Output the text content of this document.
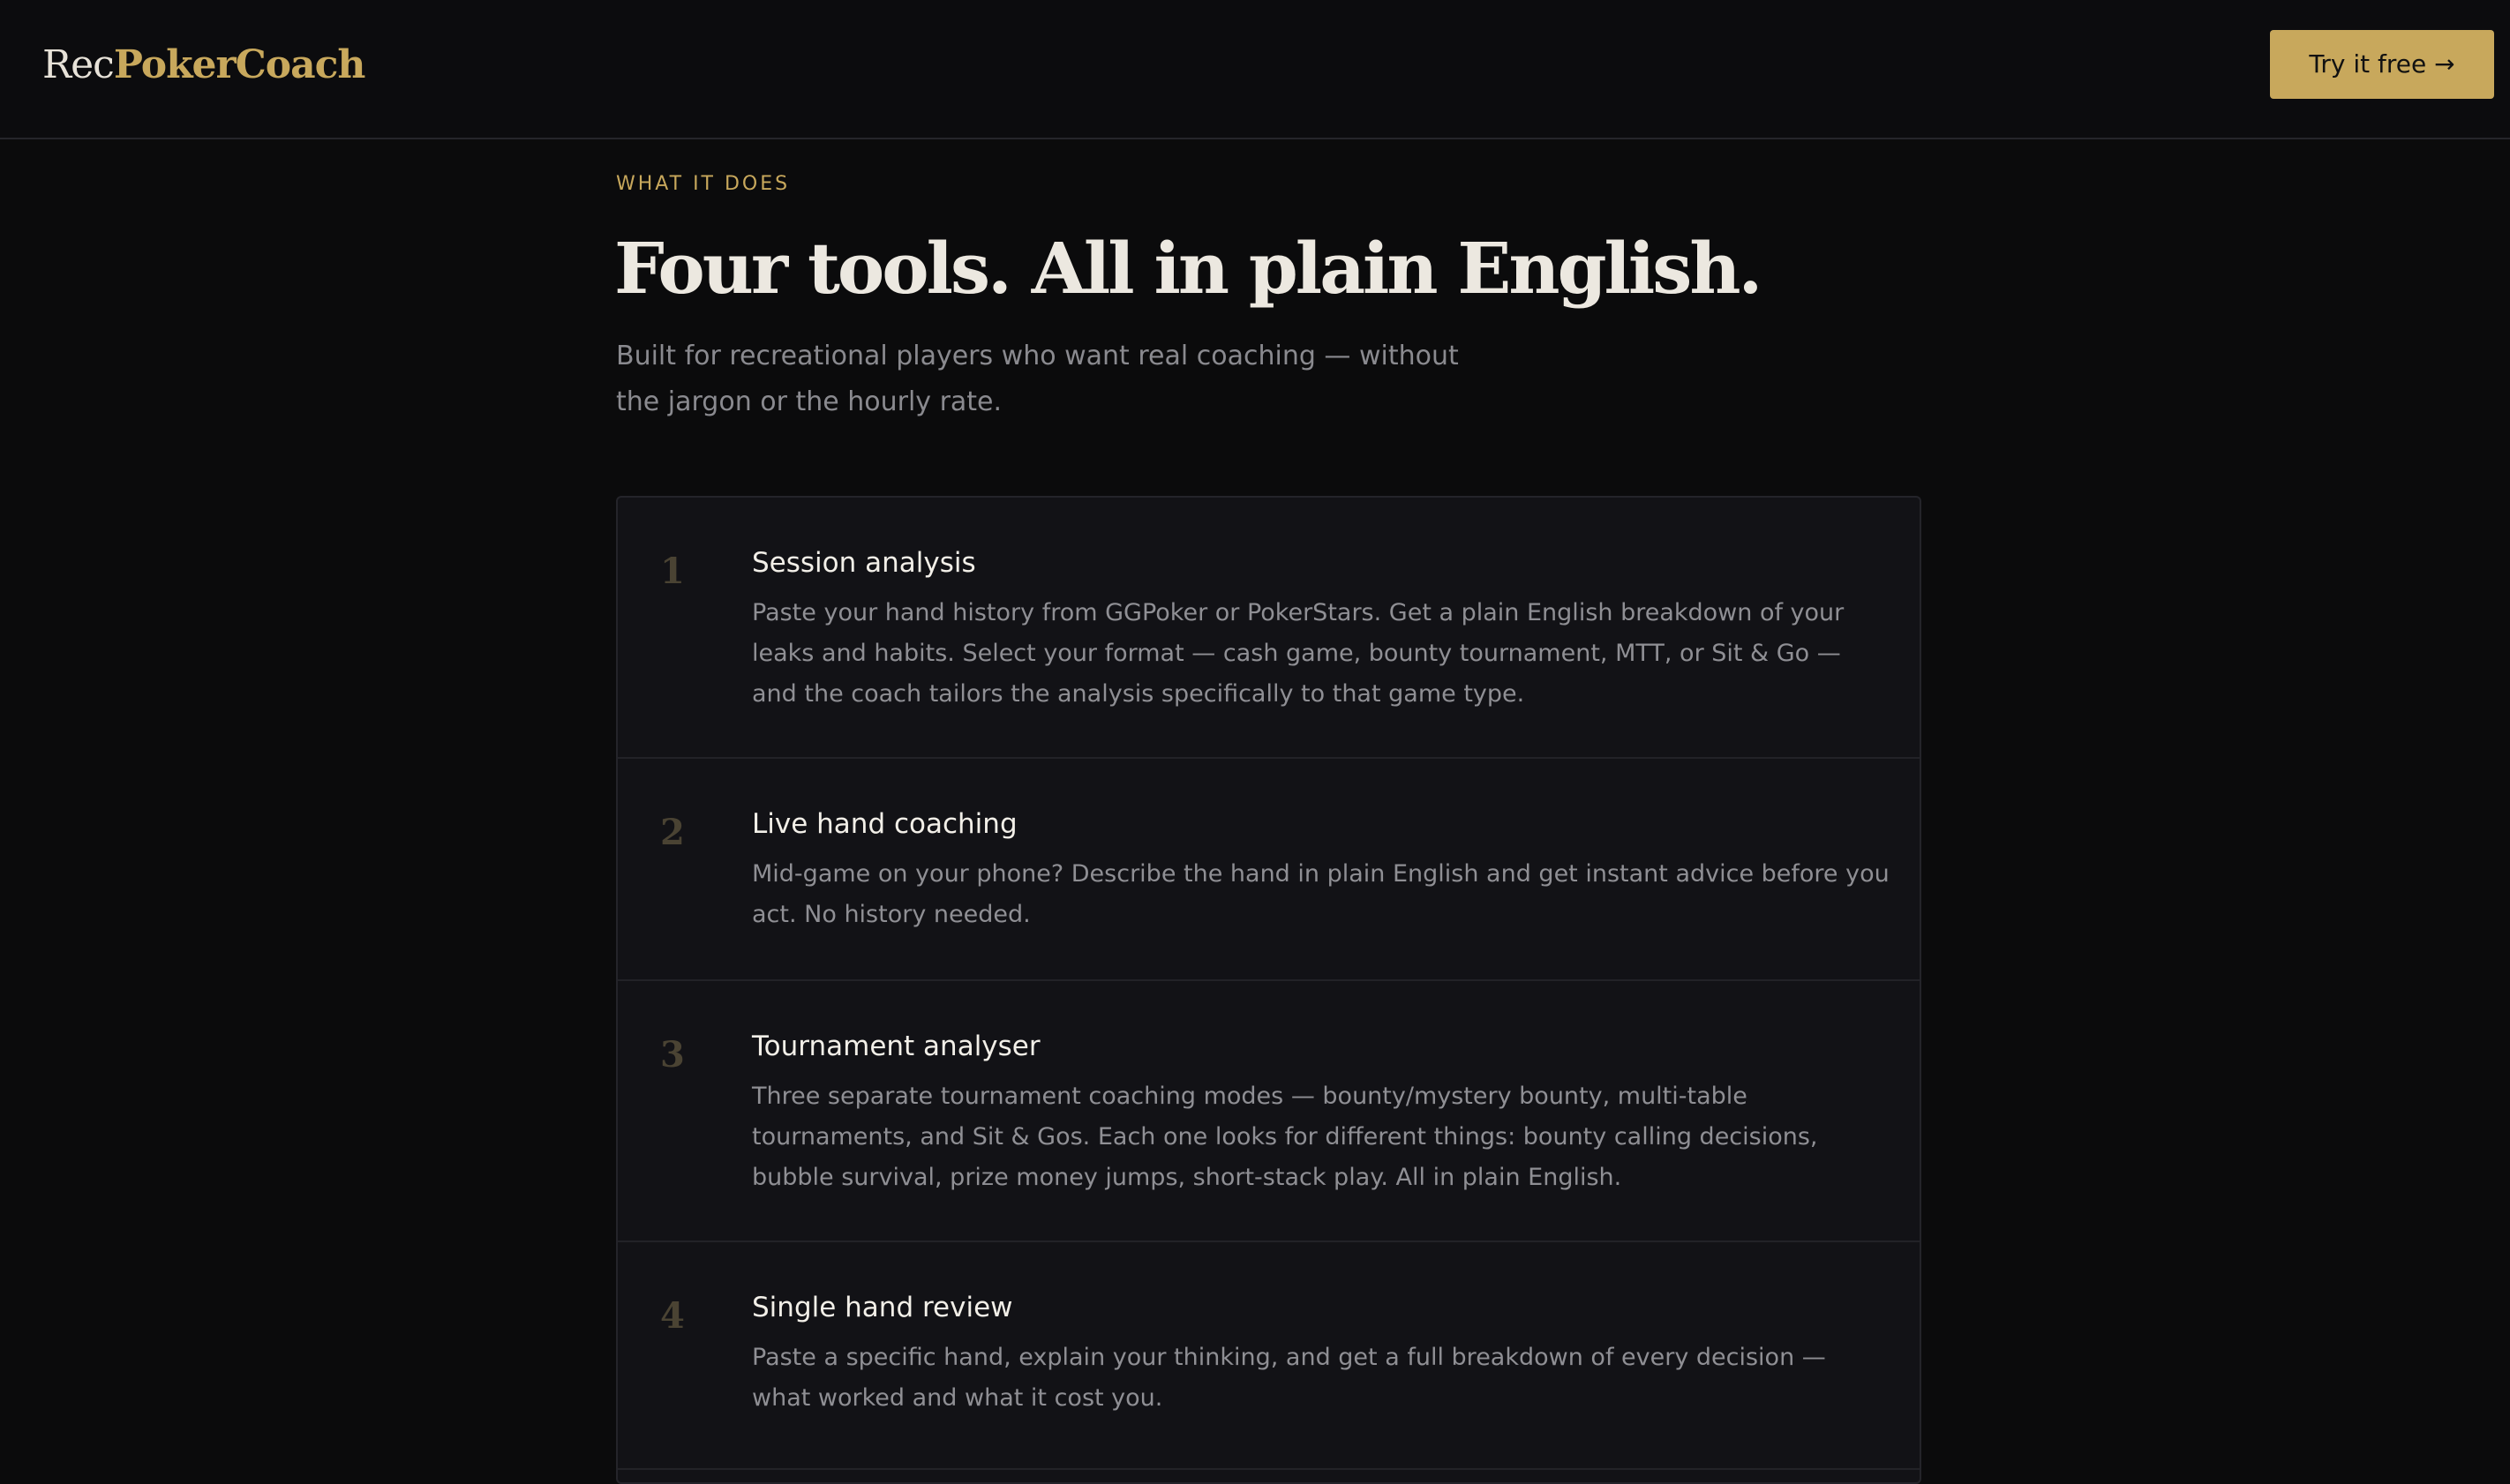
RecPokerCoach	Try it free →
WHAT IT DOES
Four tools. All in plain English.

Built for recreational players who want real coaching — without the jargon or the hourly rate.

1 Session analysis

Paste your hand history from GGPoker or PokerStars. Get a plain English breakdown of your leaks and habits. Select your format — cash game, bounty tournament, MTT, or Sit & Go — and the coach tailors the analysis specifically to that game type.

2 Live hand coaching

Mid-game on your phone? Describe the hand in plain English and get instant advice before you act. No history needed.

3 Tournament analyser

Three separate tournament coaching modes — bounty/mystery bounty, multi-table tournaments, and Sit & Gos. Each one looks for different things: bounty calling decisions, bubble survival, prize money jumps, short-stack play. All in plain English.

4 Single hand review

Paste a specific hand, explain your thinking, and get a full breakdown of every decision — what worked and what it cost you.
